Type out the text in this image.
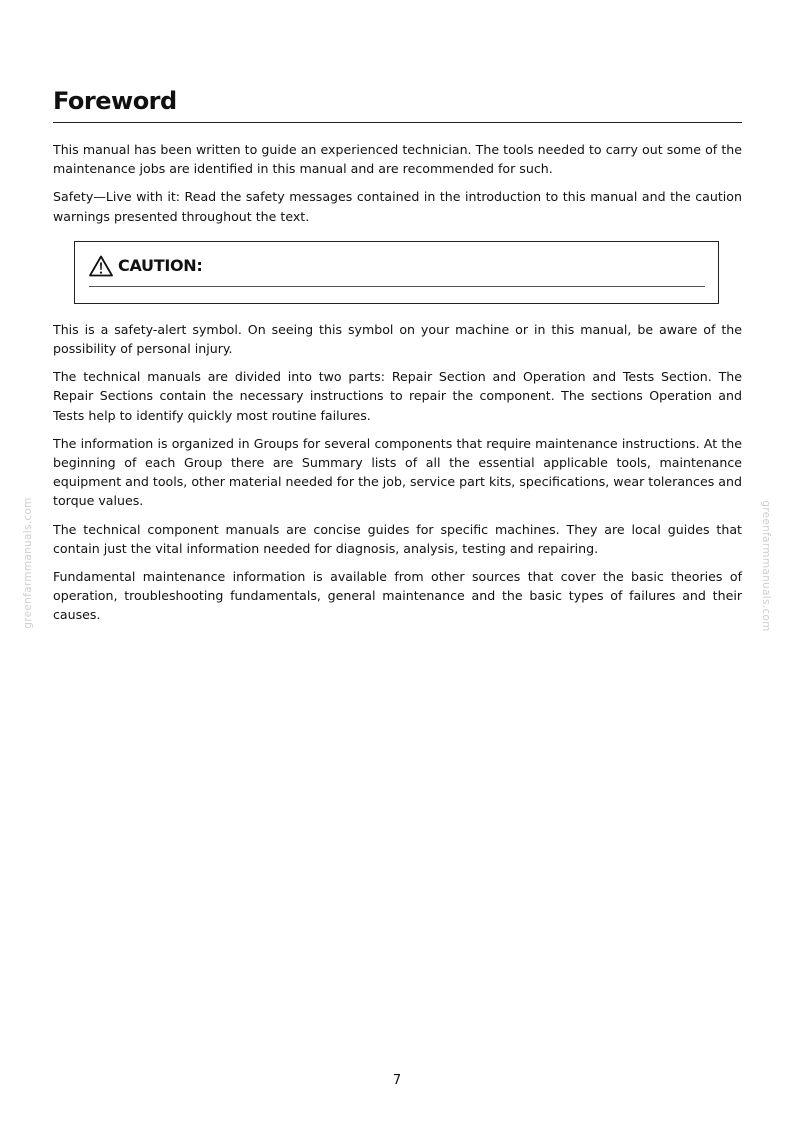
greenfarmmanuals.com	greenfarmmanuals.com
Foreword

This manual has been written to guide an experienced technician. The tools needed to carry out some of the maintenance jobs are identified in this manual and are recommended for such.

Safety—Live with it: Read the safety messages contained in the introduction to this manual and the caution warnings presented throughout the text.

CAUTION:

This is a safety-alert symbol. On seeing this symbol on your machine or in this manual, be aware of the possibility of personal injury.

The technical manuals are divided into two parts: Repair Section and Operation and Tests Section. The Repair Sections contain the necessary instructions to repair the component. The sections Operation and Tests help to identify quickly most routine failures.

The information is organized in Groups for several components that require maintenance instructions. At the beginning of each Group there are Summary lists of all the essential applicable tools, maintenance equipment and tools, other material needed for the job, service part kits, specifications, wear tolerances and torque values.

The technical component manuals are concise guides for specific machines. They are local guides that contain just the vital information needed for diagnosis, analysis, testing and repairing.

Fundamental maintenance information is available from other sources that cover the basic theories of operation, troubleshooting fundamentals, general maintenance and the basic types of failures and their causes.

7
